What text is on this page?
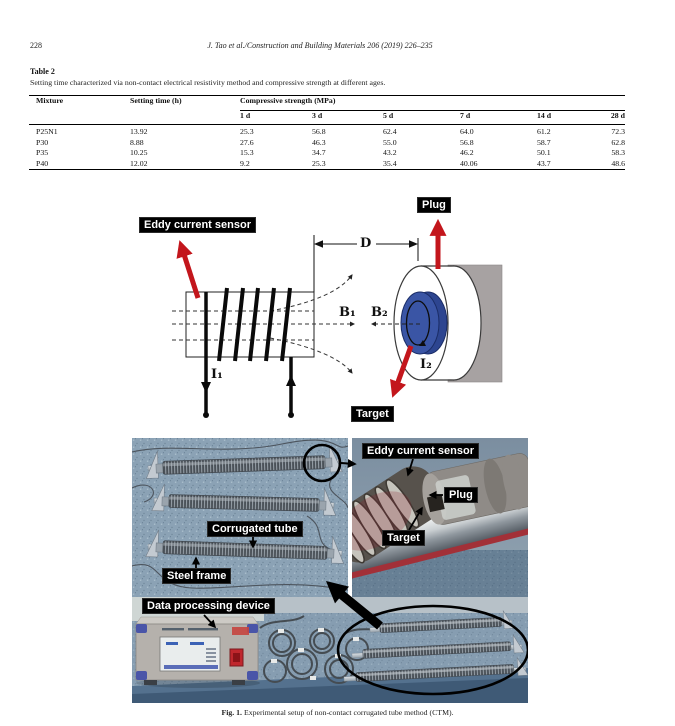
228	J. Tao et al./Construction and Building Materials 206 (2019) 226–235
Table 2
Setting time characterized via non-contact electrical resistivity method and compressive strength at different ages.
Mixture	Setting time (h)	Compressive strength (MPa)					
		1 d	3 d	5 d	7 d	14 d	28 d
P25N1	13.92	25.3	56.8	62.4	64.0	61.2	72.3
P30	8.88	27.6	46.3	55.0	56.8	58.7	62.8
P35	10.25	15.3	34.7	43.2	46.2	50.1	58.3
P40	12.02	9.2	25.3	35.4	40.06	43.7	48.6
Eddy current sensor
Plug
Target
D
B₁ B₂
I₁
I₂
Corrugated tube
Steel frame
Data processing device
Eddy current sensor
Plug
Target
Fig. 1. Experimental setup of non-contact corrugated tube method (CTM).
